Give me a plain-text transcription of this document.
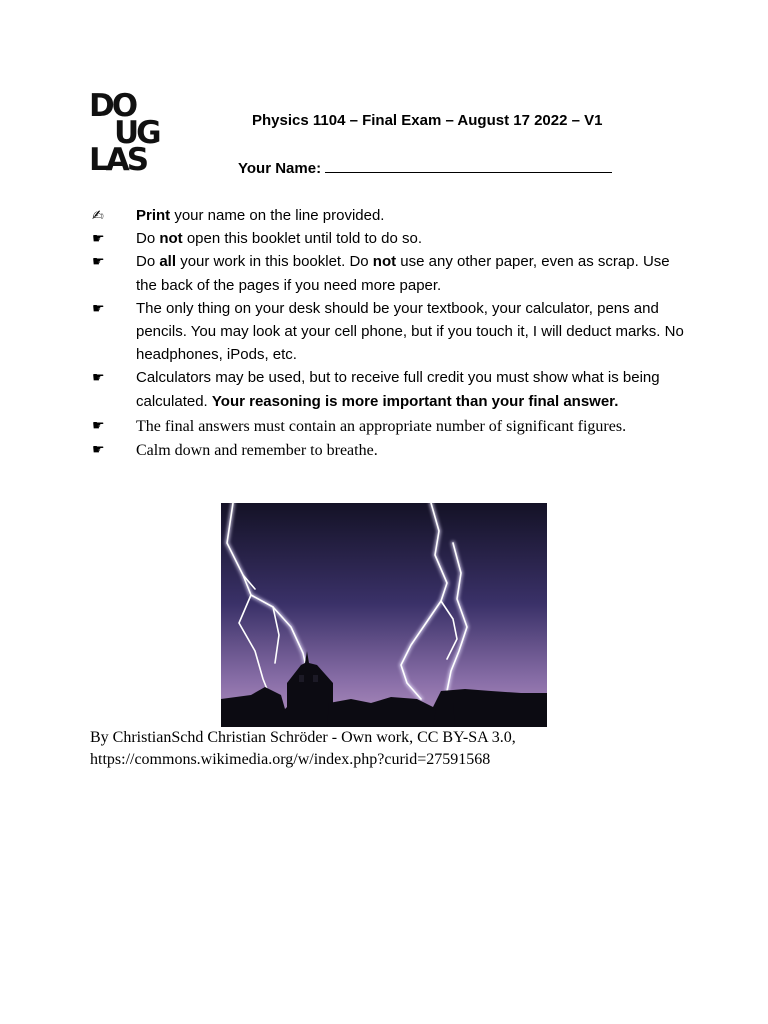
DO
UG
LAS
Physics 1104 – Final Exam – August 17 2022 – V1
Your Name:
✍	Print your name on the line provided.
☛	Do not open this booklet until told to do so.
☛	Do all your work in this booklet. Do not use any other paper, even as scrap. Use the back of the pages if you need more paper.
☛	The only thing on your desk should be your textbook, your calculator, pens and pencils. You may look at your cell phone, but if you touch it, I will deduct marks. No headphones, iPods, etc.
☛	Calculators may be used, but to receive full credit you must show what is being calculated. Your reasoning is more important than your final answer.
☛	The final answers must contain an appropriate number of significant figures.
☛	Calm down and remember to breathe.
By ChristianSchd Christian Schröder - Own work, CC BY-SA 3.0,
https://commons.wikimedia.org/w/index.php?curid=27591568
